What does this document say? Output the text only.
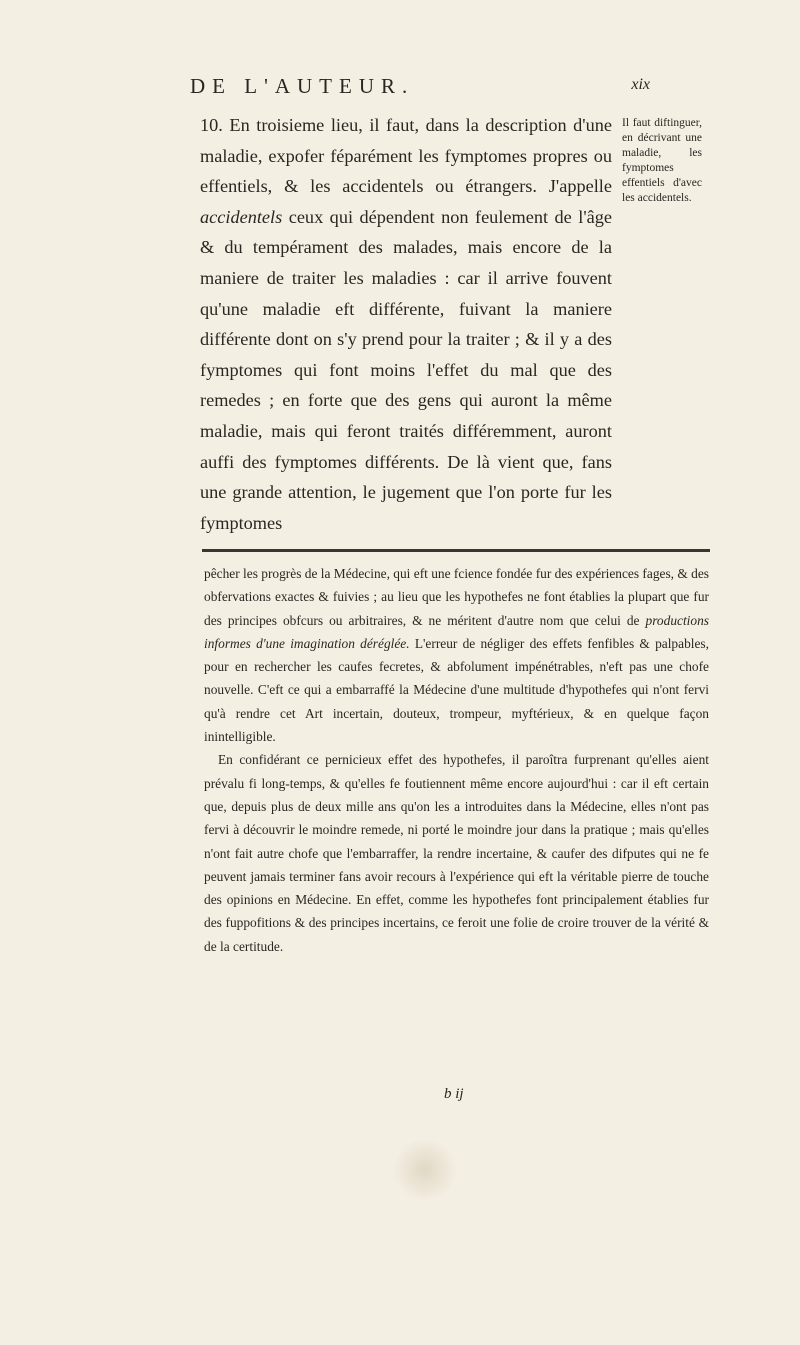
DE L'AUTEUR.	xix

10. En troisieme lieu, il faut, dans la description d'une maladie, expofer féparément les fymptomes propres ou effentiels, & les accidentels ou étrangers. J'appelle accidentels ceux qui dépendent non feulement de l'âge & du tempérament des malades, mais encore de la maniere de traiter les maladies : car il arrive fouvent qu'une maladie eft différente, fuivant la maniere différente dont on s'y prend pour la traiter ; & il y a des fymptomes qui font moins l'effet du mal que des remedes ; en forte que des gens qui auront la même maladie, mais qui feront traités différemment, auront auffi des fymptomes différents. De là vient que, fans une grande attention, le jugement que l'on porte fur les fymptomes

Il faut diftinguer, en décrivant une maladie, les fymptomes effentiels d'avec les accidentels.

pêcher les progrès de la Médecine, qui eft une fcience fondée fur des expériences fages, & des obfervations exactes & fuivies ; au lieu que les hypothefes ne font établies la plupart que fur des principes obfcurs ou arbitraires, & ne méritent d'autre nom que celui de productions informes d'une imagination déréglée. L'erreur de négliger des effets fenfibles & palpables, pour en rechercher les caufes fecretes, & abfolument impénétrables, n'eft pas une chofe nouvelle. C'eft ce qui a embarraffé la Médecine d'une multitude d'hypothefes qui n'ont fervi qu'à rendre cet Art incertain, douteux, trompeur, myftérieux, & en quelque façon inintelligible.

En confidérant ce pernicieux effet des hypothefes, il paroîtra furprenant qu'elles aient prévalu fi long-temps, & qu'elles fe foutiennent même encore aujourd'hui : car il eft certain que, depuis plus de deux mille ans qu'on les a introduites dans la Médecine, elles n'ont pas fervi à découvrir le moindre remede, ni porté le moindre jour dans la pratique ; mais qu'elles n'ont fait autre chofe que l'embarraffer, la rendre incertaine, & caufer des difputes qui ne fe peuvent jamais terminer fans avoir recours à l'expérience qui eft la véritable pierre de touche des opinions en Médecine. En effet, comme les hypothefes font principalement établies fur des fuppofitions & des principes incertains, ce feroit une folie de croire trouver de la vérité & de la certitude.

b ij
